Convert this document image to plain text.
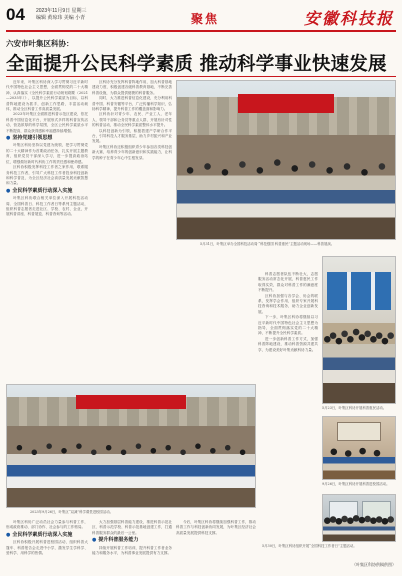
04 2023年11月9日 星期三
编辑 黄琼玮 美编 小青	聚焦	安徽科技报
六安市叶集区科协：
全面提升公民科学素质 推动科学事业快速发展
近年来，叶集区科协深入学习贯彻习近平新时代中国特色社会主义思想，全面贯彻党的二十大精神，认真落实《全民科学素质行动规划纲要（2021—2035年）》，以提升公民科学素质为目标，以科普阵地建设为抓手，创新工作思路，丰富活动载体，推动全区科普工作高质量发展。
2023年叶集区全面推进科普示范区建设，依托科普中国信息化平台，开展形式多样的科普宣传活动，营造浓厚的科学氛围，全区公民科学素质水平不断提高，群众获得感和幸福感持续增强。
● 坚持党建引领思想
叶集区科协坚持以党建为统领，把学习贯彻党的二十大精神作为首要政治任务，扎实开展主题教育，组织党员干部深入学习，进一步提高政治站位，增强做好新时代科协工作的责任感和使命感。
区科协积极发挥科技工作者之家作用，联系服务科技工作者，引导广大科技工作者投身科技创新和科学普及，为全区经济社会高质量发展贡献智慧和力量。
● 全民科学素质行动深入实施
叶集区科协联合相关单位深入开展科技活动周、全国科普日、科技工作者日等系列主题活动，组织科普志愿者走进社区、学校、农村、企业，开展科普讲座、科普展览、科普咨询等活动。
区科协充分发挥科普阵地作用，加大科普基地建设力度，积极创建各级科普教育基地，不断完善科普设施，为群众提供便捷的科普服务。
同时，大力推进科普信息化建设，充分利用科普中国、科普安徽等平台，广泛传播科学知识，弘扬科学精神，提升科普工作的覆盖面和影响力。
区科协针对青少年、农民、产业工人、老年人、领导干部和公务员等重点人群，开展有针对性的科普活动，推动全民科学素质整体水平提升。
以科技创新为引领，积极搭建产学研合作平台，引导科技人才服务基层，助力乡村振兴和产业发展。
叶集区科协还积极组织青少年参加各类科技创新大赛，培养青少年的创新意识和实践能力，让科学的种子在青少年心中生根发芽。
科普志愿者队伍不断壮大，志愿服务活动常态化开展，科普惠民工作取得实效，群众对科普工作的满意度不断提升。
区科协加强与各学会、协会的联系，发挥学会作用，组织专家开展科技咨询和技术服务，助力企业创新发展。
下一步，叶集区科协将继续以习近平新时代中国特色社会主义思想为指导，全面贯彻落实党的二十大精神，不断提升全民科学素质。
进一步创新科普工作方式，加强科普阵地建设，推动科普资源共建共享，为建设美好叶集贡献科协力量。
5月31日，叶集区举办全国科技活动周·“科技强国 科普惠民”主题活动现场——科普展演。
5月23日，叶集区科协开展科普惠民活动。
2023年9月26日，叶集区“双减”科学课堂进校园活动。
9月26日，叶集区科协开展科普进校园活动。
5月30日，叶集区科协组织开展“全国科技工作者日”主题活动。
叶集区科协广泛动员社会力量参与科普工作，形成政府推动、部门协作、社会参与的工作格局。
● 全民科学素质行动深入实施
区科协积极开展科普进校园活动，组织科普大篷车、科普报告会走进中小学，激发学生学科学、爱科学、用科学的热情。
大力加强基层科普能力建设，推进科普示范社区、科普示范学校、科普示范基地创建工作，打通科普服务群众的最后一公里。
● 提升科普服务能力
持续开展科普工作培训，提升科普工作者业务能力和服务水平，为科普事业发展提供有力支撑。
今后，叶集区科协将继续加强科普工作，推动科普工作与科技创新协同发展，为叶集区经济社会高质量发展提供科技支撑。
（叶集区科协供稿供图）
